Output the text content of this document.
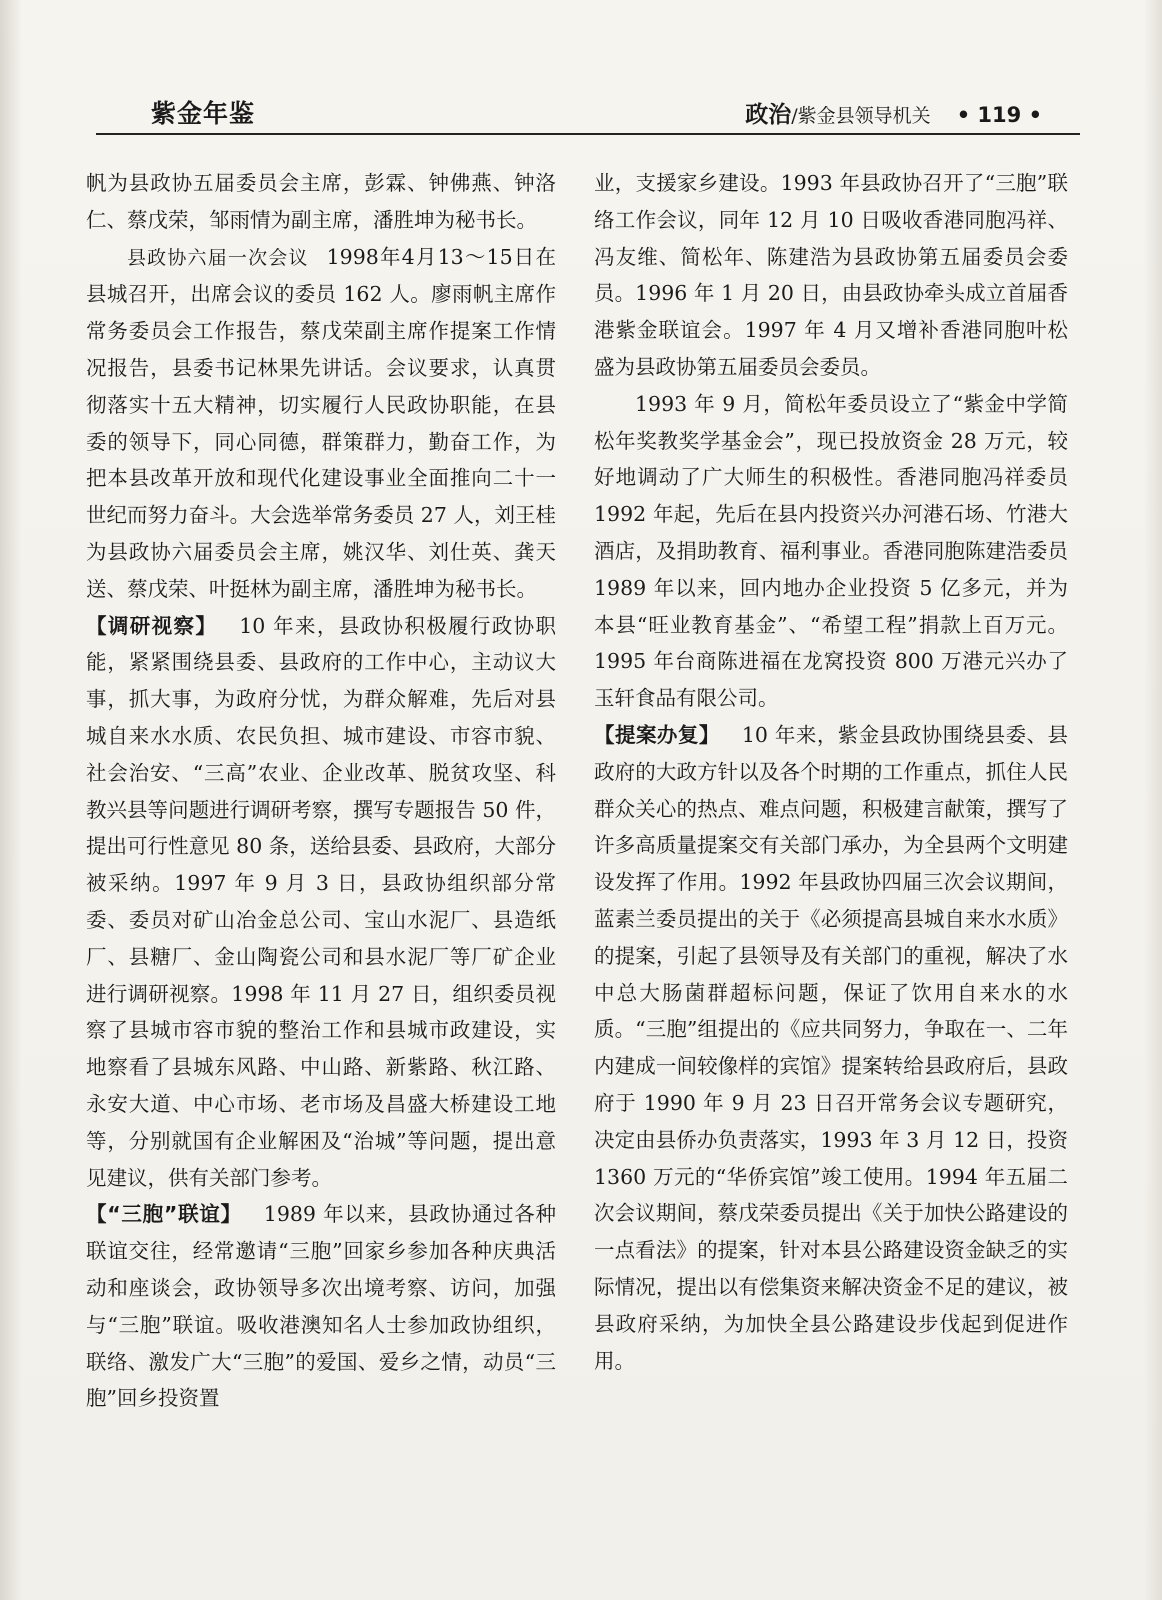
紫金年鉴	政治/紫金县领导机关 • 119 •

帆为县政协五届委员会主席，彭霖、钟佛燕、钟洛仁、蔡戊荣，邹雨情为副主席，潘胜坤为秘书长。

县政协六届一次会议 1998年4月13～15日在县城召开，出席会议的委员 162 人。廖雨帆主席作常务委员会工作报告，蔡戊荣副主席作提案工作情况报告，县委书记林果先讲话。会议要求，认真贯彻落实十五大精神，切实履行人民政协职能，在县委的领导下，同心同德，群策群力，勤奋工作，为把本县改革开放和现代化建设事业全面推向二十一世纪而努力奋斗。大会选举常务委员 27 人，刘王桂为县政协六届委员会主席，姚汉华、刘仕英、龚天送、蔡戊荣、叶挺林为副主席，潘胜坤为秘书长。

【调研视察】 10 年来，县政协积极履行政协职能，紧紧围绕县委、县政府的工作中心，主动议大事，抓大事，为政府分忧，为群众解难，先后对县城自来水水质、农民负担、城市建设、市容市貌、社会治安、“三高”农业、企业改革、脱贫攻坚、科教兴县等问题进行调研考察，撰写专题报告 50 件，提出可行性意见 80 条，送给县委、县政府，大部分被采纳。1997 年 9 月 3 日，县政协组织部分常委、委员对矿山冶金总公司、宝山水泥厂、县造纸厂、县糖厂、金山陶瓷公司和县水泥厂等厂矿企业进行调研视察。1998 年 11 月 27 日，组织委员视察了县城市容市貌的整治工作和县城市政建设，实地察看了县城东风路、中山路、新紫路、秋江路、永安大道、中心市场、老市场及昌盛大桥建设工地等，分别就国有企业解困及“治城”等问题，提出意见建议，供有关部门参考。

【“三胞”联谊】 1989 年以来，县政协通过各种联谊交往，经常邀请“三胞”回家乡参加各种庆典活动和座谈会，政协领导多次出境考察、访问，加强与“三胞”联谊。吸收港澳知名人士参加政协组织，联络、激发广大“三胞”的爱国、爱乡之情，动员“三胞”回乡投资置

业，支援家乡建设。1993 年县政协召开了“三胞”联络工作会议，同年 12 月 10 日吸收香港同胞冯祥、冯友维、简松年、陈建浩为县政协第五届委员会委员。1996 年 1 月 20 日，由县政协牵头成立首届香港紫金联谊会。1997 年 4 月又增补香港同胞叶松盛为县政协第五届委员会委员。

1993 年 9 月，简松年委员设立了“紫金中学简松年奖教奖学基金会”，现已投放资金 28 万元，较好地调动了广大师生的积极性。香港同胞冯祥委员 1992 年起，先后在县内投资兴办河港石场、竹港大酒店，及捐助教育、福利事业。香港同胞陈建浩委员 1989 年以来，回内地办企业投资 5 亿多元，并为本县“旺业教育基金”、“希望工程”捐款上百万元。1995 年台商陈进福在龙窝投资 800 万港元兴办了玉轩食品有限公司。

【提案办复】 10 年来，紫金县政协围绕县委、县政府的大政方针以及各个时期的工作重点，抓住人民群众关心的热点、难点问题，积极建言献策，撰写了许多高质量提案交有关部门承办，为全县两个文明建设发挥了作用。1992 年县政协四届三次会议期间，蓝素兰委员提出的关于《必须提高县城自来水水质》的提案，引起了县领导及有关部门的重视，解决了水中总大肠菌群超标问题，保证了饮用自来水的水质。“三胞”组提出的《应共同努力，争取在一、二年内建成一间较像样的宾馆》提案转给县政府后，县政府于 1990 年 9 月 23 日召开常务会议专题研究，决定由县侨办负责落实，1993 年 3 月 12 日，投资 1360 万元的“华侨宾馆”竣工使用。1994 年五届二次会议期间，蔡戊荣委员提出《关于加快公路建设的一点看法》的提案，针对本县公路建设资金缺乏的实际情况，提出以有偿集资来解决资金不足的建议，被县政府采纳，为加快全县公路建设步伐起到促进作用。
